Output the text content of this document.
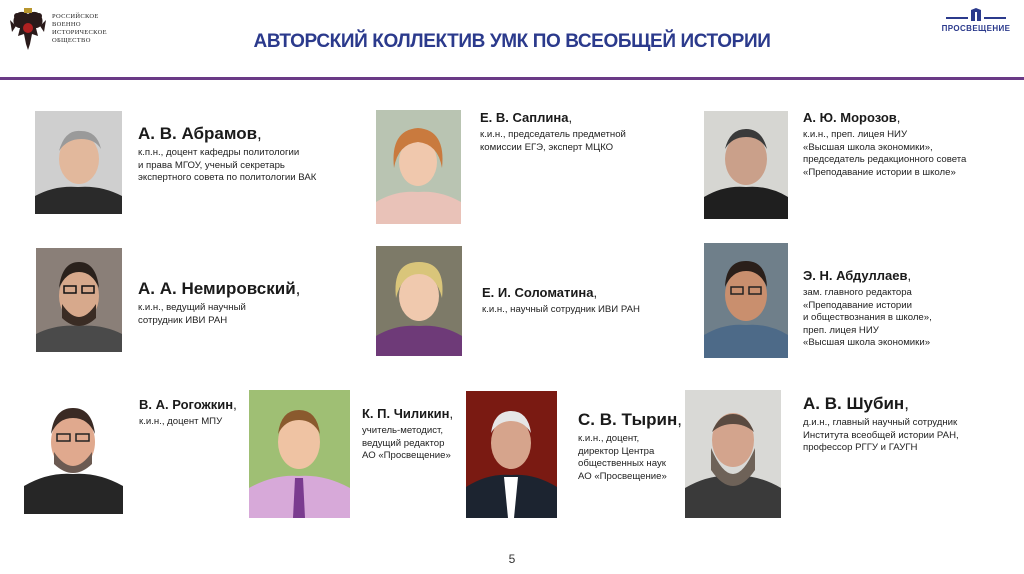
РОССИЙСКОЕ
ВОЕННО
ИСТОРИЧЕСКОЕ
ОБЩЕСТВО	АВТОРСКИЙ КОЛЛЕКТИВ УМК ПО ВСЕОБЩЕЙ ИСТОРИИ
ПРОСВЕЩЕНИЕ
А. В. Абрамов,
к.п.н., доцент кафедры политологии
и права МГОУ, ученый секретарь
экспертного совета по политологии ВАК
Е. В. Саплина,
к.и.н., председатель предметной
комиссии ЕГЭ, эксперт МЦКО
А. Ю. Морозов,
к.и.н., преп. лицея НИУ
«Высшая школа экономики»,
председатель редакционного совета
«Преподавание истории в школе»
А. А. Немировский,
к.и.н., ведущий научный
сотрудник ИВИ РАН
Е. И. Соломатина,
к.и.н., научный сотрудник ИВИ РАН
Э. Н. Абдуллаев,
зам. главного редактора
«Преподавание истории
и обществознания в школе»,
преп. лицея НИУ
«Высшая школа экономики»
В. А. Рогожкин,
к.и.н., доцент МПУ
К. П. Чиликин,
учитель-методист,
ведущий редактор
АО «Просвещение»
С. В. Тырин,
к.и.н., доцент,
директор Центра
общественных наук
АО «Просвещение»
А. В. Шубин,
д.и.н., главный научный сотрудник
Института всеобщей истории РАН,
профессор РГГУ и ГАУГН
5
